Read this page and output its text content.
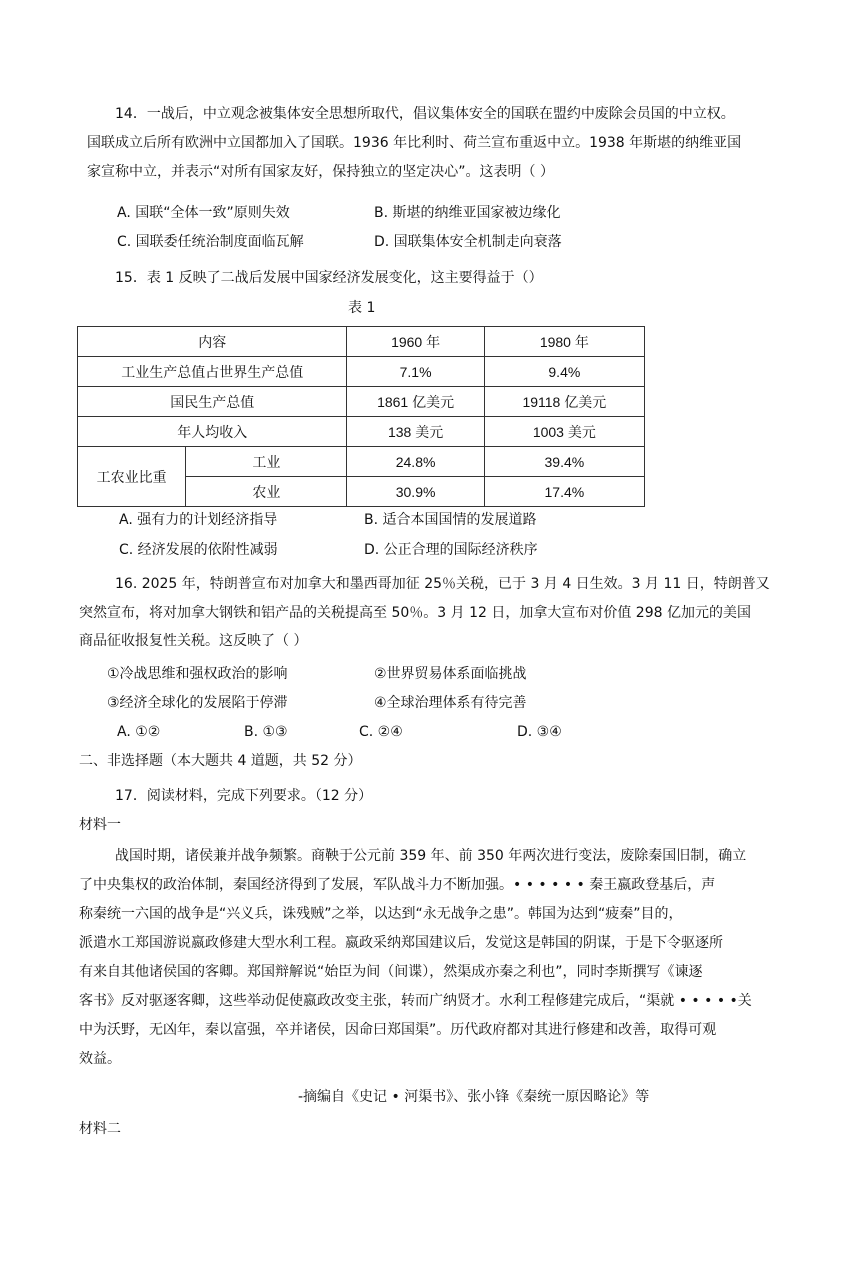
14．一战后，中立观念被集体安全思想所取代，倡议集体安全的国联在盟约中废除会员国的中立权。
国联成立后所有欧洲中立国都加入了国联。1936 年比利时、荷兰宣布重返中立。1938 年斯堪的纳维亚国
家宣称中立，并表示“对所有国家友好，保持独立的坚定决心”。这表明（ ）
A. 国联“全体一致”原则失效	B. 斯堪的纳维亚国家被边缘化
C. 国联委任统治制度面临瓦解	D. 国联集体安全机制走向衰落
15．表 1 反映了二战后发展中国家经济发展变化，这主要得益于（）
表 1
内容		1960 年	1980 年
工业生产总值占世界生产总值		7.1%	9.4%
国民生产总值		1861 亿美元	19118 亿美元
年人均收入		138 美元	1003 美元
工农业比重	工业	24.8%	39.4%
	农业	30.9%	17.4%
A. 强有力的计划经济指导	B. 适合本国国情的发展道路
C. 经济发展的依附性减弱	D. 公正合理的国际经济秩序
16. 2025 年，特朗普宣布对加拿大和墨西哥加征 25％关税，已于 3 月 4 日生效。3 月 11 日，特朗普又
突然宣布，将对加拿大钢铁和铝产品的关税提高至 50％。3 月 12 日，加拿大宣布对价值 298 亿加元的美国
商品征收报复性关税。这反映了（ ）
①冷战思维和强权政治的影响	②世界贸易体系面临挑战
③经济全球化的发展陷于停滞	④全球治理体系有待完善
A. ①②	B. ①③	C. ②④	D. ③④
二、非选择题（本大题共 4 道题，共 52 分）
17．阅读材料，完成下列要求。（12 分）
材料一
战国时期，诸侯兼并战争频繁。商鞅于公元前 359 年、前 350 年两次进行变法，废除秦国旧制，确立
了中央集权的政治体制，秦国经济得到了发展，军队战斗力不断加强。• • • • • • 秦王嬴政登基后，声
称秦统一六国的战争是“兴义兵，诛残贼”之举，以达到“永无战争之患”。韩国为达到“疲秦”目的，
派遣水工郑国游说嬴政修建大型水利工程。嬴政采纳郑国建议后，发觉这是韩国的阴谋，于是下令驱逐所
有来自其他诸侯国的客卿。郑国辩解说“始臣为间（间谍），然渠成亦秦之利也”，同时李斯撰写《谏逐
客书》反对驱逐客卿，这些举动促使嬴政改变主张，转而广纳贤才。水利工程修建完成后，“渠就 • • • • •关
中为沃野，无凶年，秦以富强，卒并诸侯，因命曰郑国渠”。历代政府都对其进行修建和改善，取得可观
效益。
-摘编自《史记 • 河渠书》、张小锋《秦统一原因略论》等
材料二
